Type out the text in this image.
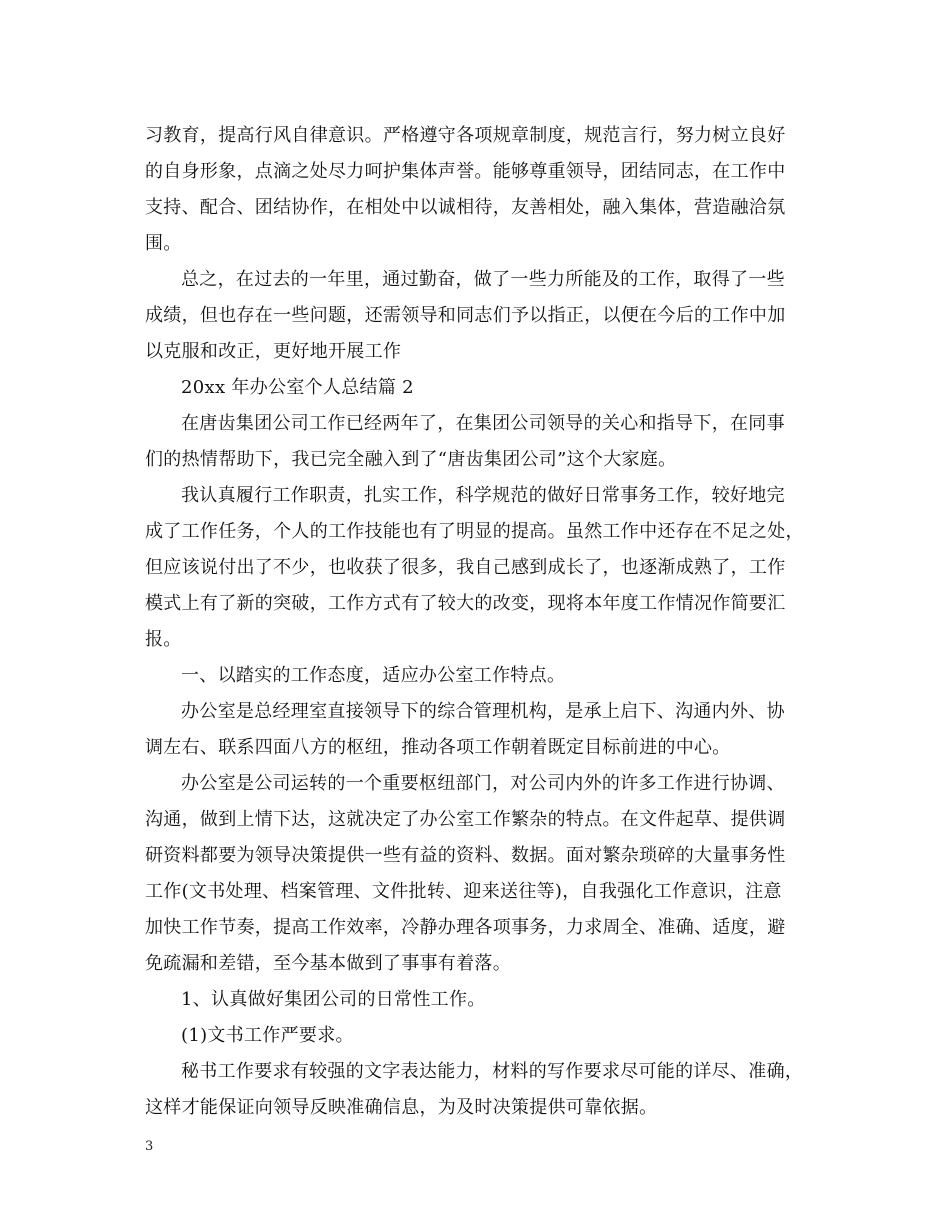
习教育，提高行风自律意识。严格遵守各项规章制度，规范言行，努力树立良好
的自身形象，点滴之处尽力呵护集体声誉。能够尊重领导，团结同志，在工作中
支持、配合、团结协作，在相处中以诚相待，友善相处，融入集体，营造融洽氛
围。
总之，在过去的一年里，通过勤奋，做了一些力所能及的工作，取得了一些
成绩，但也存在一些问题，还需领导和同志们予以指正，以便在今后的工作中加
以克服和改正，更好地开展工作
20xx 年办公室个人总结篇 2
在唐齿集团公司工作已经两年了，在集团公司领导的关心和指导下，在同事
们的热情帮助下，我已完全融入到了“唐齿集团公司”这个大家庭。
我认真履行工作职责，扎实工作，科学规范的做好日常事务工作，较好地完
成了工作任务，个人的工作技能也有了明显的提高。虽然工作中还存在不足之处，
但应该说付出了不少，也收获了很多，我自己感到成长了，也逐渐成熟了，工作
模式上有了新的突破，工作方式有了较大的改变，现将本年度工作情况作简要汇
报。
一、以踏实的工作态度，适应办公室工作特点。
办公室是总经理室直接领导下的综合管理机构，是承上启下、沟通内外、协
调左右、联系四面八方的枢纽，推动各项工作朝着既定目标前进的中心。
办公室是公司运转的一个重要枢纽部门，对公司内外的许多工作进行协调、
沟通，做到上情下达，这就决定了办公室工作繁杂的特点。在文件起草、提供调
研资料都要为领导决策提供一些有益的资料、数据。面对繁杂琐碎的大量事务性
工作(文书处理、档案管理、文件批转、迎来送往等)，自我强化工作意识，注意
加快工作节奏，提高工作效率，冷静办理各项事务，力求周全、准确、适度，避
免疏漏和差错，至今基本做到了事事有着落。
1、认真做好集团公司的日常性工作。
(1)文书工作严要求。
秘书工作要求有较强的文字表达能力，材料的写作要求尽可能的详尽、准确，
这样才能保证向领导反映准确信息，为及时决策提供可靠依据。
3
